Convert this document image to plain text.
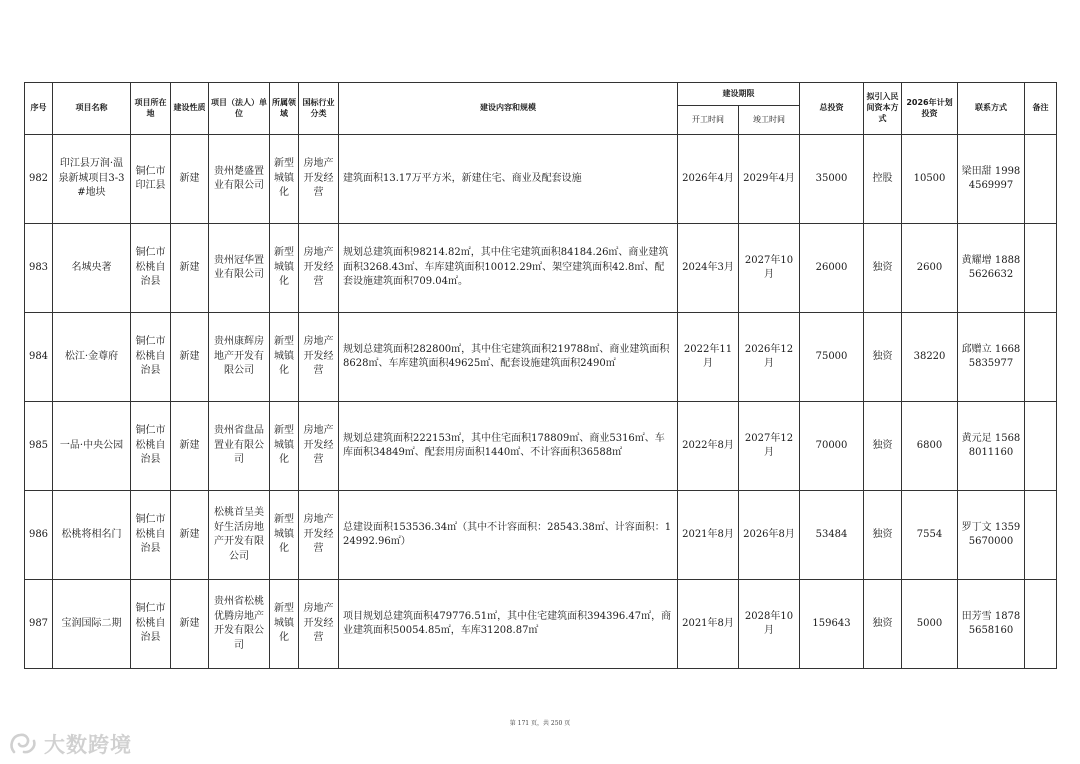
序号	项目名称	项目所在地	建设性质	项目（法人）单位	所属领域	国标行业分类	建设内容和规模	建设期限		总投资	拟引入民间资本方式	2026年计划投资	联系方式	备注
								开工时间	竣工时间					
982	印江县万润·温泉新城项目3-3#地块	铜仁市印江县	新建	贵州楚盛置业有限公司	新型城镇化	房地产开发经营	建筑面积13.17万平方米，新建住宅、商业及配套设施	2026年4月	2029年4月	35000	控股	10500	梁田甜 19984569997	
983	名城央著	铜仁市松桃自治县	新建	贵州冠华置业有限公司	新型城镇化	房地产开发经营	规划总建筑面积98214.82㎡，其中住宅建筑面积84184.26㎡、商业建筑面积3268.43㎡、车库建筑面积10012.29㎡、架空建筑面积42.8㎡、配套设施建筑面积709.04㎡。	2024年3月	2027年10月	26000	独资	2600	黄耀增 18885626632	
984	松江·金尊府	铜仁市松桃自治县	新建	贵州康辉房地产开发有限公司	新型城镇化	房地产开发经营	规划总建筑面积282800㎡，其中住宅建筑面积219788㎡、商业建筑面积8628㎡、车库建筑面积49625㎡、配套设施建筑面积2490㎡	2022年11月	2026年12月	75000	独资	38220	邱赠立 16685835977	
985	一品·中央公园	铜仁市松桃自治县	新建	贵州省盘品置业有限公司	新型城镇化	房地产开发经营	规划总建筑面积222153㎡，其中住宅面积178809㎡、商业5316㎡、车库面积34849㎡、配套用房面积1440㎡、不计容面积36588㎡	2022年8月	2027年12月	70000	独资	6800	黄元足 15688011160	
986	松桃将相名门	铜仁市松桃自治县	新建	松桃首呈美好生活房地产开发有限公司	新型城镇化	房地产开发经营	总建设面积153536.34㎡（其中不计容面积：28543.38㎡、计容面积：124992.96㎡）	2021年8月	2026年8月	53484	独资	7554	罗丁文 13595670000	
987	宝润国际二期	铜仁市松桃自治县	新建	贵州省松桃优腾房地产开发有限公司	新型城镇化	房地产开发经营	项目规划总建筑面积479776.51㎡，其中住宅建筑面积394396.47㎡，商业建筑面积50054.85㎡，车库31208.87㎡	2021年8月	2028年10月	159643	独资	5000	田芳雪 18785658160	
第 171 页，共 250 页
大数跨境
